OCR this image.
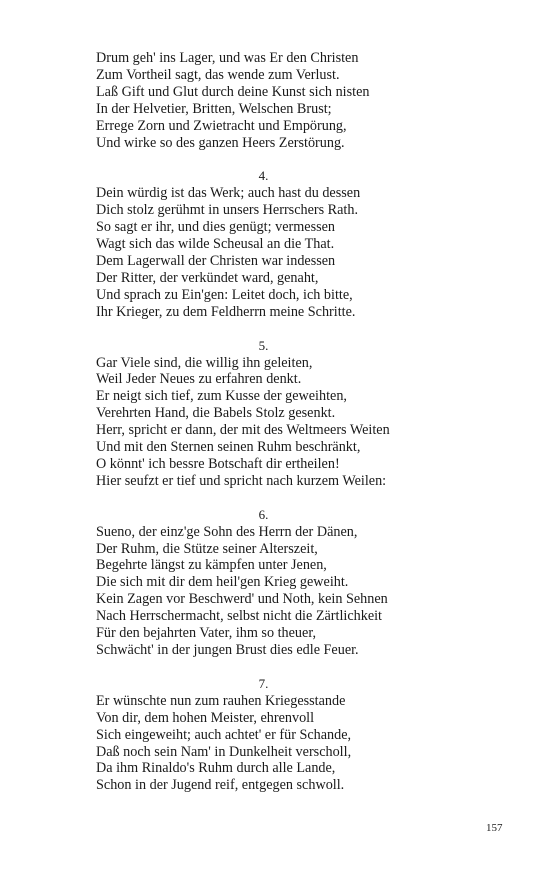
Drum geh' ins Lager, und was Er den Christen
Zum Vortheil sagt, das wende zum Verlust.
Laß Gift und Glut durch deine Kunst sich nisten
In der Helvetier, Britten, Welschen Brust;
Errege Zorn und Zwietracht und Empörung,
Und wirke so des ganzen Heers Zerstörung.
4.
Dein würdig ist das Werk; auch hast du dessen
Dich stolz gerühmt in unsers Herrschers Rath.
So sagt er ihr, und dies genügt; vermessen
Wagt sich das wilde Scheusal an die That.
Dem Lagerwall der Christen war indessen
Der Ritter, der verkündet ward, genaht,
Und sprach zu Ein'gen: Leitet doch, ich bitte,
Ihr Krieger, zu dem Feldherrn meine Schritte.
5.
Gar Viele sind, die willig ihn geleiten,
Weil Jeder Neues zu erfahren denkt.
Er neigt sich tief, zum Kusse der geweihten,
Verehrten Hand, die Babels Stolz gesenkt.
Herr, spricht er dann, der mit des Weltmeers Weiten
Und mit den Sternen seinen Ruhm beschränkt,
O könnt' ich bessre Botschaft dir ertheilen!
Hier seufzt er tief und spricht nach kurzem Weilen:
6.
Sueno, der einz'ge Sohn des Herrn der Dänen,
Der Ruhm, die Stütze seiner Alterszeit,
Begehrte längst zu kämpfen unter Jenen,
Die sich mit dir dem heil'gen Krieg geweiht.
Kein Zagen vor Beschwerd' und Noth, kein Sehnen
Nach Herrschermacht, selbst nicht die Zärtlichkeit
Für den bejahrten Vater, ihm so theuer,
Schwächt' in der jungen Brust dies edle Feuer.
7.
Er wünschte nun zum rauhen Kriegesstande
Von dir, dem hohen Meister, ehrenvoll
Sich eingeweiht; auch achtet' er für Schande,
Daß noch sein Nam' in Dunkelheit verscholl,
Da ihm Rinaldo's Ruhm durch alle Lande,
Schon in der Jugend reif, entgegen schwoll.
157
